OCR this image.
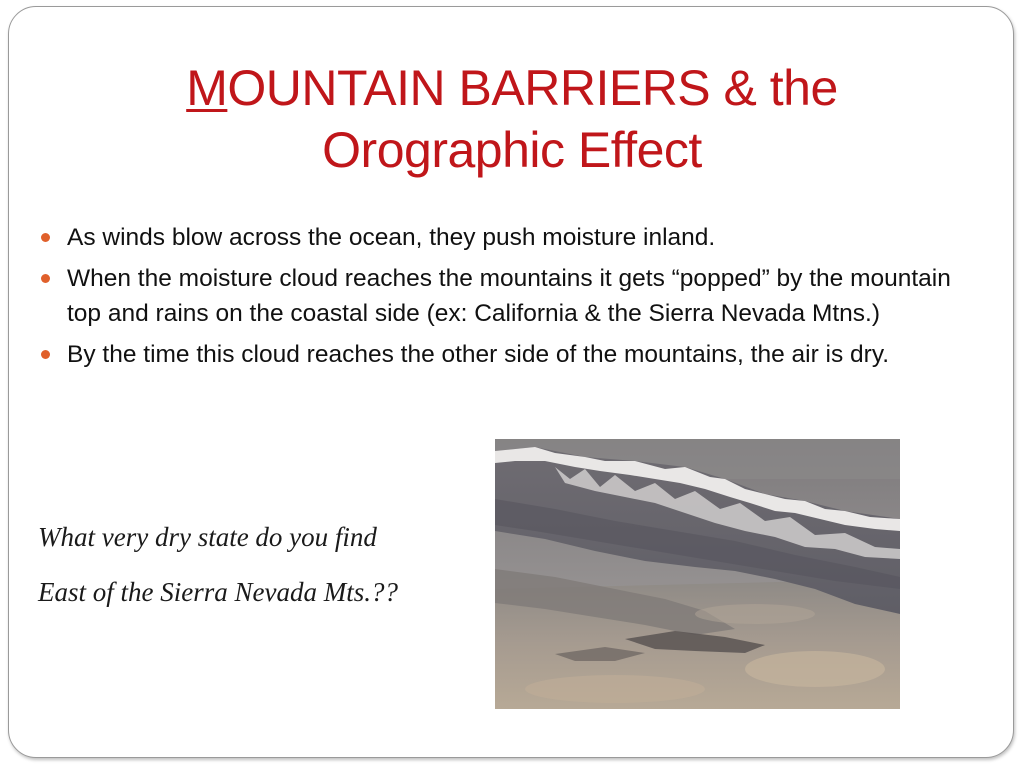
MOUNTAIN BARRIERS & the
Orographic Effect
As winds blow across the ocean, they push moisture inland.
When the moisture cloud reaches the mountains it gets “popped” by the mountain top and rains on the coastal side (ex: California & the Sierra Nevada Mtns.)
By the time this cloud reaches the other side of the mountains, the air is dry.

What very dry state do you find

East of the Sierra Nevada Mts.??
